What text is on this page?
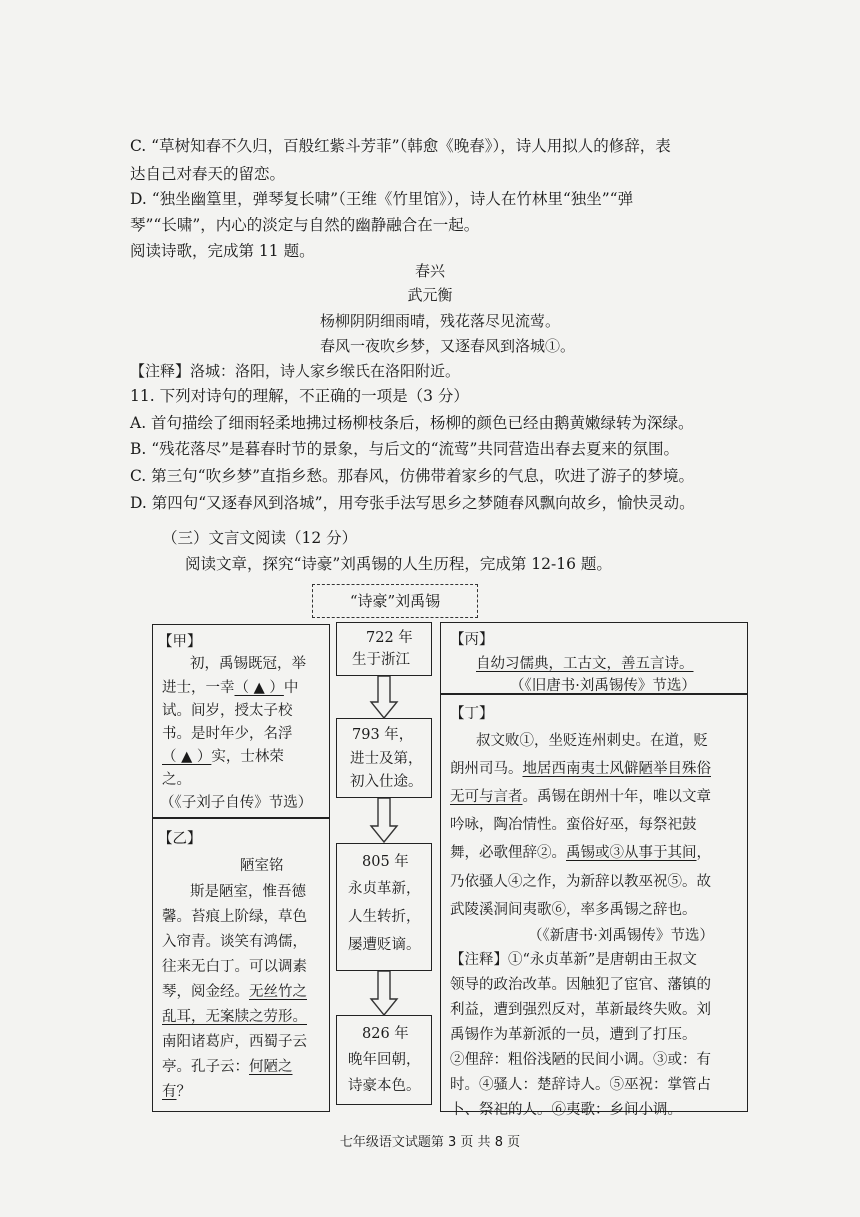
C. “草树知春不久归，百般红紫斗芳菲”（韩愈《晚春》），诗人用拟人的修辞，表
达自己对春天的留恋。
D. “独坐幽篁里，弹琴复长啸”（王维《竹里馆》），诗人在竹林里“独坐”“弹
琴”“长啸”，内心的淡定与自然的幽静融合在一起。
阅读诗歌，完成第 11 题。
春兴
武元衡
杨柳阴阴细雨晴，残花落尽见流莺。
春风一夜吹乡梦，又逐春风到洛城①。
【注释】洛城：洛阳，诗人家乡缑氏在洛阳附近。
11. 下列对诗句的理解，不正确的一项是（3 分）
A. 首句描绘了细雨轻柔地拂过杨柳枝条后，杨柳的颜色已经由鹅黄嫩绿转为深绿。
B. “残花落尽”是暮春时节的景象，与后文的“流莺”共同营造出春去夏来的氛围。
C. 第三句“吹乡梦”直指乡愁。那春风，仿佛带着家乡的气息，吹进了游子的梦境。
D. 第四句“又逐春风到洛城”，用夸张手法写思乡之梦随春风飘向故乡，愉快灵动。
（三）文言文阅读（12 分）
阅读文章，探究“诗豪”刘禹锡的人生历程，完成第 12-16 题。
“诗豪”刘禹锡
【甲】
初，禹锡既冠，举
进士，一幸（ ▲ ）中
试。间岁，授太子校
书。是时年少，名浮
（ ▲ ）实，士林荣
之。
（《子刘子自传》节选）
【乙】
陋室铭
斯是陋室，惟吾德
馨。苔痕上阶绿，草色
入帘青。谈笑有鸿儒，
往来无白丁。可以调素
琴，阅金经。无丝竹之
乱耳，无案牍之劳形。
南阳诸葛庐，西蜀子云
亭。孔子云：何陋之
有？
722 年
生于浙江
793 年，
进士及第，
初入仕途。
805 年
永贞革新，
人生转折，
屡遭贬谪。
826 年
晚年回朝，
诗豪本色。
【丙】
自幼习儒典，工古文，善五言诗。
（《旧唐书·刘禹锡传》节选）
【丁】
叔文败①，坐贬连州刺史。在道，贬
朗州司马。地居西南夷士风僻陋举目殊俗
无可与言者。禹锡在朗州十年，唯以文章
吟咏，陶冶情性。蛮俗好巫，每祭祀鼓
舞，必歌俚辞②。禹锡或③从事于其间，
乃依骚人④之作，为新辞以教巫祝⑤。故
武陵溪洞间夷歌⑥，率多禹锡之辞也。
（《新唐书·刘禹锡传》节选）
【注释】①“永贞革新”是唐朝由王叔文
领导的政治改革。因触犯了宦官、藩镇的
利益，遭到强烈反对，革新最终失败。刘
禹锡作为革新派的一员，遭到了打压。
②俚辞：粗俗浅陋的民间小调。③或：有
时。④骚人：楚辞诗人。⑤巫祝：掌管占
卜、祭祀的人。⑥夷歌：乡间小调。
七年级语文试题第 3 页 共 8 页
